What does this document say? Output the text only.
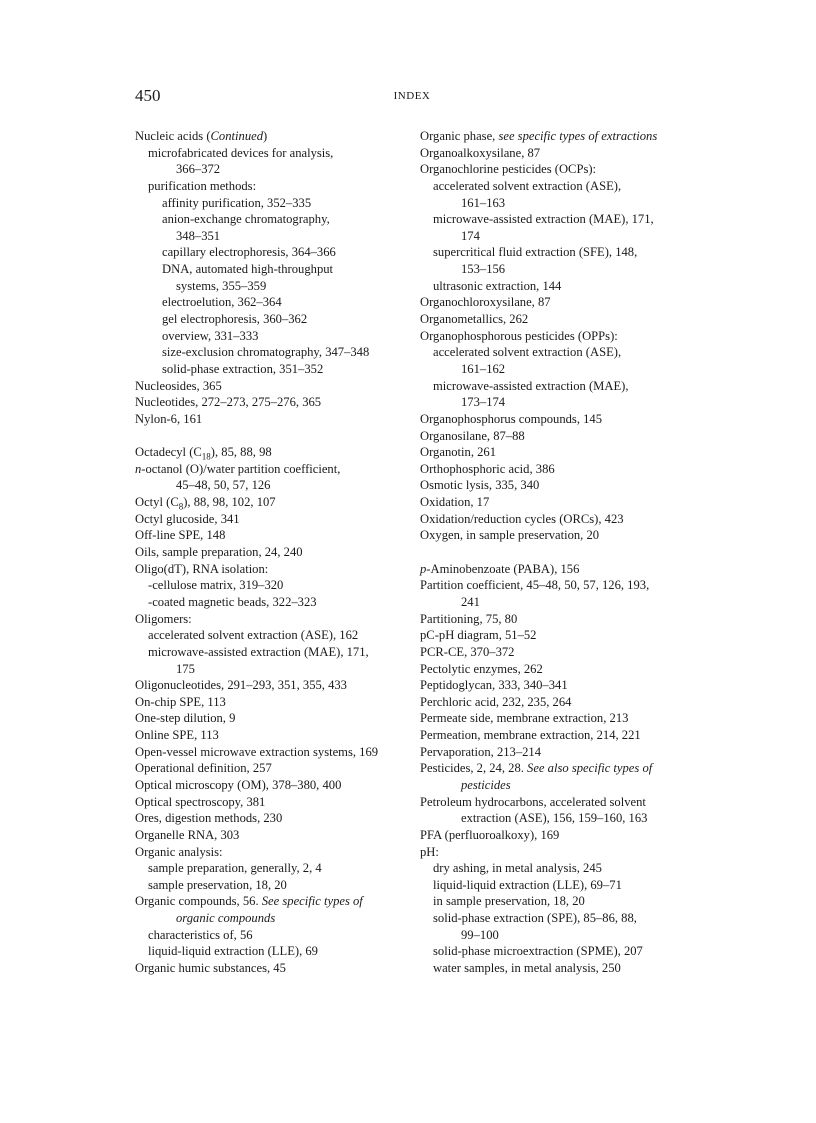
450	INDEX
Nucleic acids (Continued)
microfabricated devices for analysis,
366–372
purification methods:
affinity purification, 352–335
anion-exchange chromatography,
348–351
capillary electrophoresis, 364–366
DNA, automated high-throughput
systems, 355–359
electroelution, 362–364
gel electrophoresis, 360–362
overview, 331–333
size-exclusion chromatography, 347–348
solid-phase extraction, 351–352
Nucleosides, 365
Nucleotides, 272–273, 275–276, 365
Nylon-6, 161
Octadecyl $(C_{18})$, 85, 88, 98
n-octanol (O)/water partition coefficient,
45–48, 50, 57, 126
Octyl $(C_8)$, 88, 98, 102, 107
Octyl glucoside, 341
Off-line SPE, 148
Oils, sample preparation, 24, 240
Oligo(dT), RNA isolation:
-cellulose matrix, 319–320
-coated magnetic beads, 322–323
Oligomers:
accelerated solvent extraction (ASE), 162
microwave-assisted extraction (MAE), 171,
175
Oligonucleotides, 291–293, 351, 355, 433
On-chip SPE, 113
One-step dilution, 9
Online SPE, 113
Open-vessel microwave extraction systems, 169
Operational definition, 257
Optical microscopy (OM), 378–380, 400
Optical spectroscopy, 381
Ores, digestion methods, 230
Organelle RNA, 303
Organic analysis:
sample preparation, generally, 2, 4
sample preservation, 18, 20
Organic compounds, 56. See specific types of
organic compounds
characteristics of, 56
liquid-liquid extraction (LLE), 69
Organic humic substances, 45
Organic phase, see specific types of extractions
Organoalkoxysilane, 87
Organochlorine pesticides (OCPs):
accelerated solvent extraction (ASE),
161–163
microwave-assisted extraction (MAE), 171,
174
supercritical fluid extraction (SFE), 148,
153–156
ultrasonic extraction, 144
Organochloroxysilane, 87
Organometallics, 262
Organophosphorous pesticides (OPPs):
accelerated solvent extraction (ASE),
161–162
microwave-assisted extraction (MAE),
173–174
Organophosphorus compounds, 145
Organosilane, 87–88
Organotin, 261
Orthophosphoric acid, 386
Osmotic lysis, 335, 340
Oxidation, 17
Oxidation/reduction cycles (ORCs), 423
Oxygen, in sample preservation, 20
p-Aminobenzoate (PABA), 156
Partition coefficient, 45–48, 50, 57, 126, 193,
241
Partitioning, 75, 80
pC-pH diagram, 51–52
PCR-CE, 370–372
Pectolytic enzymes, 262
Peptidoglycan, 333, 340–341
Perchloric acid, 232, 235, 264
Permeate side, membrane extraction, 213
Permeation, membrane extraction, 214, 221
Pervaporation, 213–214
Pesticides, 2, 24, 28. See also specific types of
pesticides
Petroleum hydrocarbons, accelerated solvent
extraction (ASE), 156, 159–160, 163
PFA (perfluoroalkoxy), 169
pH:
dry ashing, in metal analysis, 245
liquid-liquid extraction (LLE), 69–71
in sample preservation, 18, 20
solid-phase extraction (SPE), 85–86, 88,
99–100
solid-phase microextraction (SPME), 207
water samples, in metal analysis, 250
